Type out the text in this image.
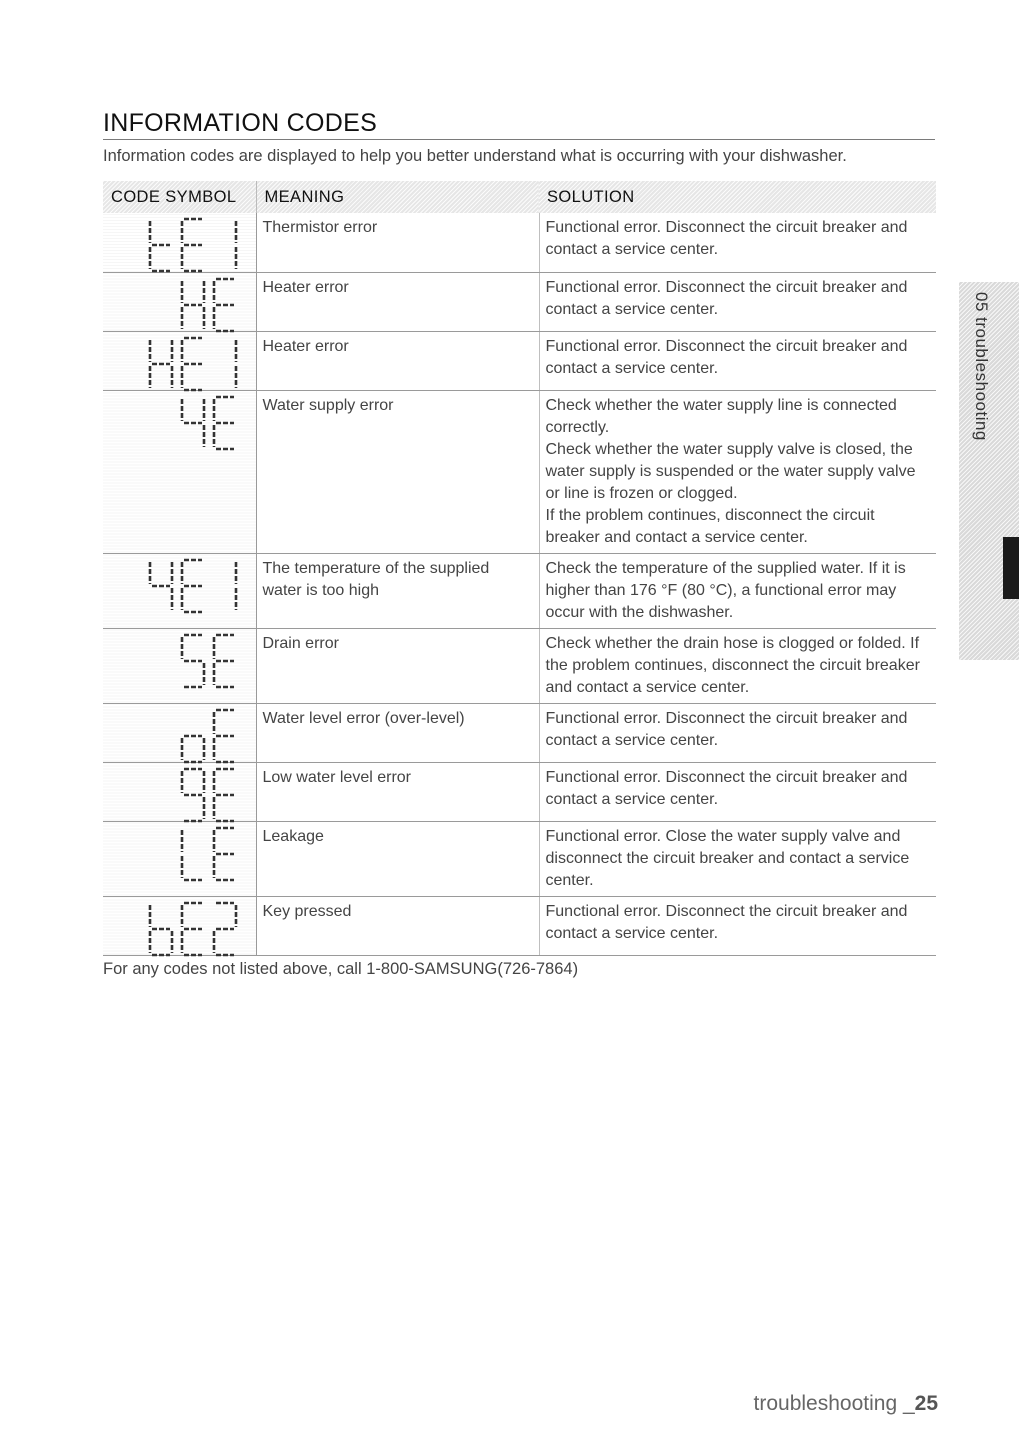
INFORMATION CODES
Information codes are displayed to help you better understand what is occurring with your dishwasher.
CODE SYMBOL	MEANING	SOLUTION

	Thermistor error	Functional error. Disconnect the circuit breaker and contact a service center.

	Heater error	Functional error. Disconnect the circuit breaker and contact a service center.

	Heater error	Functional error. Disconnect the circuit breaker and contact a service center.

	Water supply error	Check whether the water supply line is connected correctly.
Check whether the water supply valve is closed, the water supply is suspended or the water supply valve or line is frozen or clogged.
If the problem continues, disconnect the circuit breaker and contact a service center.

	The temperature of the supplied water is too high	Check the temperature of the supplied water. If it is higher than 176 °F (80 °C), a functional error may occur with the dishwasher.

	Drain error	Check whether the drain hose is clogged or folded. If the problem continues, disconnect the circuit breaker and contact a service center.

	Water level error (over-level)	Functional error. Disconnect the circuit breaker and contact a service center.

	Low water level error	Functional error. Disconnect the circuit breaker and contact a service center.

	Leakage	Functional error. Close the water supply valve and disconnect the circuit breaker and contact a service center.

	Key pressed	Functional error. Disconnect the circuit breaker and contact a service center.
For any codes not listed above, call 1-800-SAMSUNG(726-7864)
05 troubleshooting
troubleshooting _25
